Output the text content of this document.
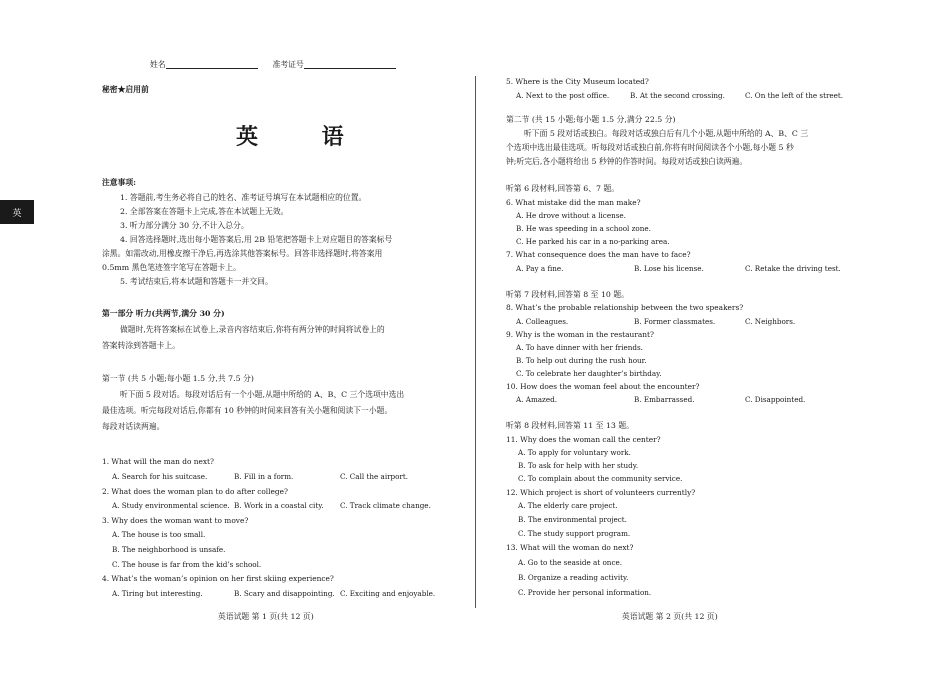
英
姓名	准考证号
秘密★启用前
英 语
注意事项:
1. 答题前,考生务必将自己的姓名、准考证号填写在本试题相应的位置。
2. 全部答案在答题卡上完成,答在本试题上无效。
3. 听力部分满分 30 分,不计入总分。
4. 回答选择题时,选出每小题答案后,用 2B 铅笔把答题卡上对应题目的答案标号
涂黑。如需改动,用橡皮擦干净后,再选涂其他答案标号。回答非选择题时,将答案用
0.5mm 黑色笔迹签字笔写在答题卡上。
5. 考试结束后,将本试题和答题卡一并交回。
第一部分 听力(共两节,满分 30 分)
做题时,先将答案标在试卷上,录音内容结束后,你将有两分钟的时间将试卷上的
答案转涂到答题卡上。
第一节 (共 5 小题;每小题 1.5 分,共 7.5 分)
听下面 5 段对话。每段对话后有一个小题,从题中所给的 A、B、C 三个选项中选出
最佳选项。听完每段对话后,你都有 10 秒钟的时间来回答有关小题和阅读下一小题。
每段对话读两遍。
1. What will the man do next?
A. Search for his suitcase.	B. Fill in a form.	C. Call the airport.
2. What does the woman plan to do after college?
A. Study environmental science. B. Work in a coastal city. C. Track climate change.
3. Why does the woman want to move?
A. The house is too small.
B. The neighborhood is unsafe.
C. The house is far from the kid’s school.
4. What’s the woman’s opinion on her first skiing experience?
A. Tiring but interesting.	B. Scary and disappointing. C. Exciting and enjoyable.
英语试题 第 1 页(共 12 页)
5. Where is the City Museum located?
A. Next to the post office.	B. At the second crossing.	C. On the left of the street.
第二节 (共 15 小题;每小题 1.5 分,满分 22.5 分)
听下面 5 段对话或独白。每段对话或独白后有几个小题,从题中所给的 A、B、C 三
个选项中选出最佳选项。听每段对话或独白前,你将有时间阅读各个小题,每小题 5 秒
钟;听完后,各小题将给出 5 秒钟的作答时间。每段对话或独白读两遍。
听第 6 段材料,回答第 6、7 题。
6. What mistake did the man make?
A. He drove without a license.
B. He was speeding in a school zone.
C. He parked his car in a no-parking area.
7. What consequence does the man have to face?
A. Pay a fine.	B. Lose his license.	C. Retake the driving test.
听第 7 段材料,回答第 8 至 10 题。
8. What’s the probable relationship between the two speakers?
A. Colleagues.	B. Former classmates.	C. Neighbors.
9. Why is the woman in the restaurant?
A. To have dinner with her friends.
B. To help out during the rush hour.
C. To celebrate her daughter’s birthday.
10. How does the woman feel about the encounter?
A. Amazed.	B. Embarrassed.	C. Disappointed.
听第 8 段材料,回答第 11 至 13 题。
11. Why does the woman call the center?
A. To apply for voluntary work.
B. To ask for help with her study.
C. To complain about the community service.
12. Which project is short of volunteers currently?
A. The elderly care project.
B. The environmental project.
C. The study support program.
13. What will the woman do next?
A. Go to the seaside at once.
B. Organize a reading activity.
C. Provide her personal information.
英语试题 第 2 页(共 12 页)
